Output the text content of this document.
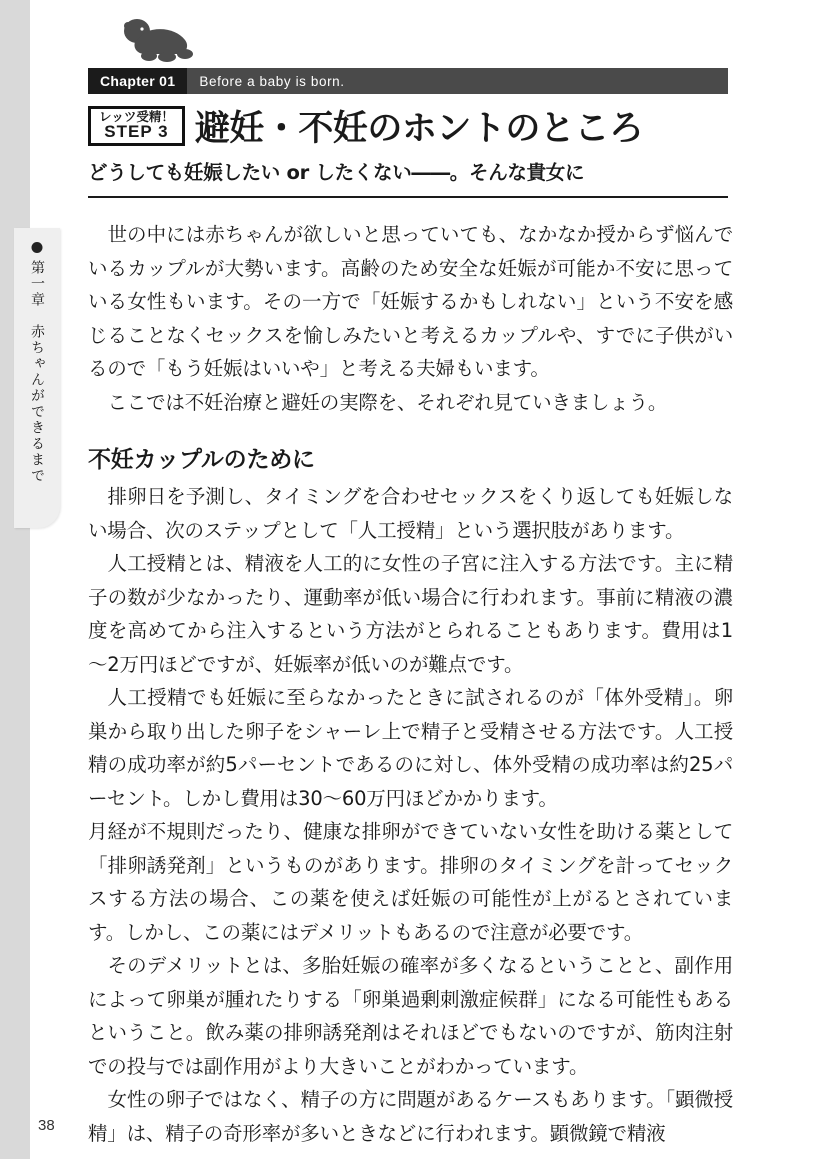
第一章　赤ちゃんができるまで
Chapter 01	Before a baby is born.
レッツ受精！
STEP 3 避妊・不妊のホントのところ
どうしても妊娠したい or したくない――。そんな貴女に

世の中には赤ちゃんが欲しいと思っていても、なかなか授からず悩んでいるカップルが大勢います。高齢のため安全な妊娠が可能か不安に思っている女性もいます。その一方で「妊娠するかもしれない」という不安を感じることなくセックスを愉しみたいと考えるカップルや、すでに子供がいるので「もう妊娠はいいや」と考える夫婦もいます。

ここでは不妊治療と避妊の実際を、それぞれ見ていきましょう。

不妊カップルのために

排卵日を予測し、タイミングを合わせセックスをくり返しても妊娠しない場合、次のステップとして「人工授精」という選択肢があります。

人工授精とは、精液を人工的に女性の子宮に注入する方法です。主に精子の数が少なかったり、運動率が低い場合に行われます。事前に精液の濃度を高めてから注入するという方法がとられることもあります。費用は1～2万円ほどですが、妊娠率が低いのが難点です。

人工授精でも妊娠に至らなかったときに試されるのが「体外受精」。卵巣から取り出した卵子をシャーレ上で精子と受精させる方法です。人工授精の成功率が約5パーセントであるのに対し、体外受精の成功率は約25パーセント。しかし費用は30～60万円ほどかかります。

月経が不規則だったり、健康な排卵ができていない女性を助ける薬として「排卵誘発剤」というものがあります。排卵のタイミングを計ってセックスする方法の場合、この薬を使えば妊娠の可能性が上がるとされています。しかし、この薬にはデメリットもあるので注意が必要です。

そのデメリットとは、多胎妊娠の確率が多くなるということと、副作用によって卵巣が腫れたりする「卵巣過剰刺激症候群」になる可能性もあるということ。飲み薬の排卵誘発剤はそれほどでもないのですが、筋肉注射での投与では副作用がより大きいことがわかっています。

女性の卵子ではなく、精子の方に問題があるケースもあります。「顕微授精」は、精子の奇形率が多いときなどに行われます。顕微鏡で精液

38
